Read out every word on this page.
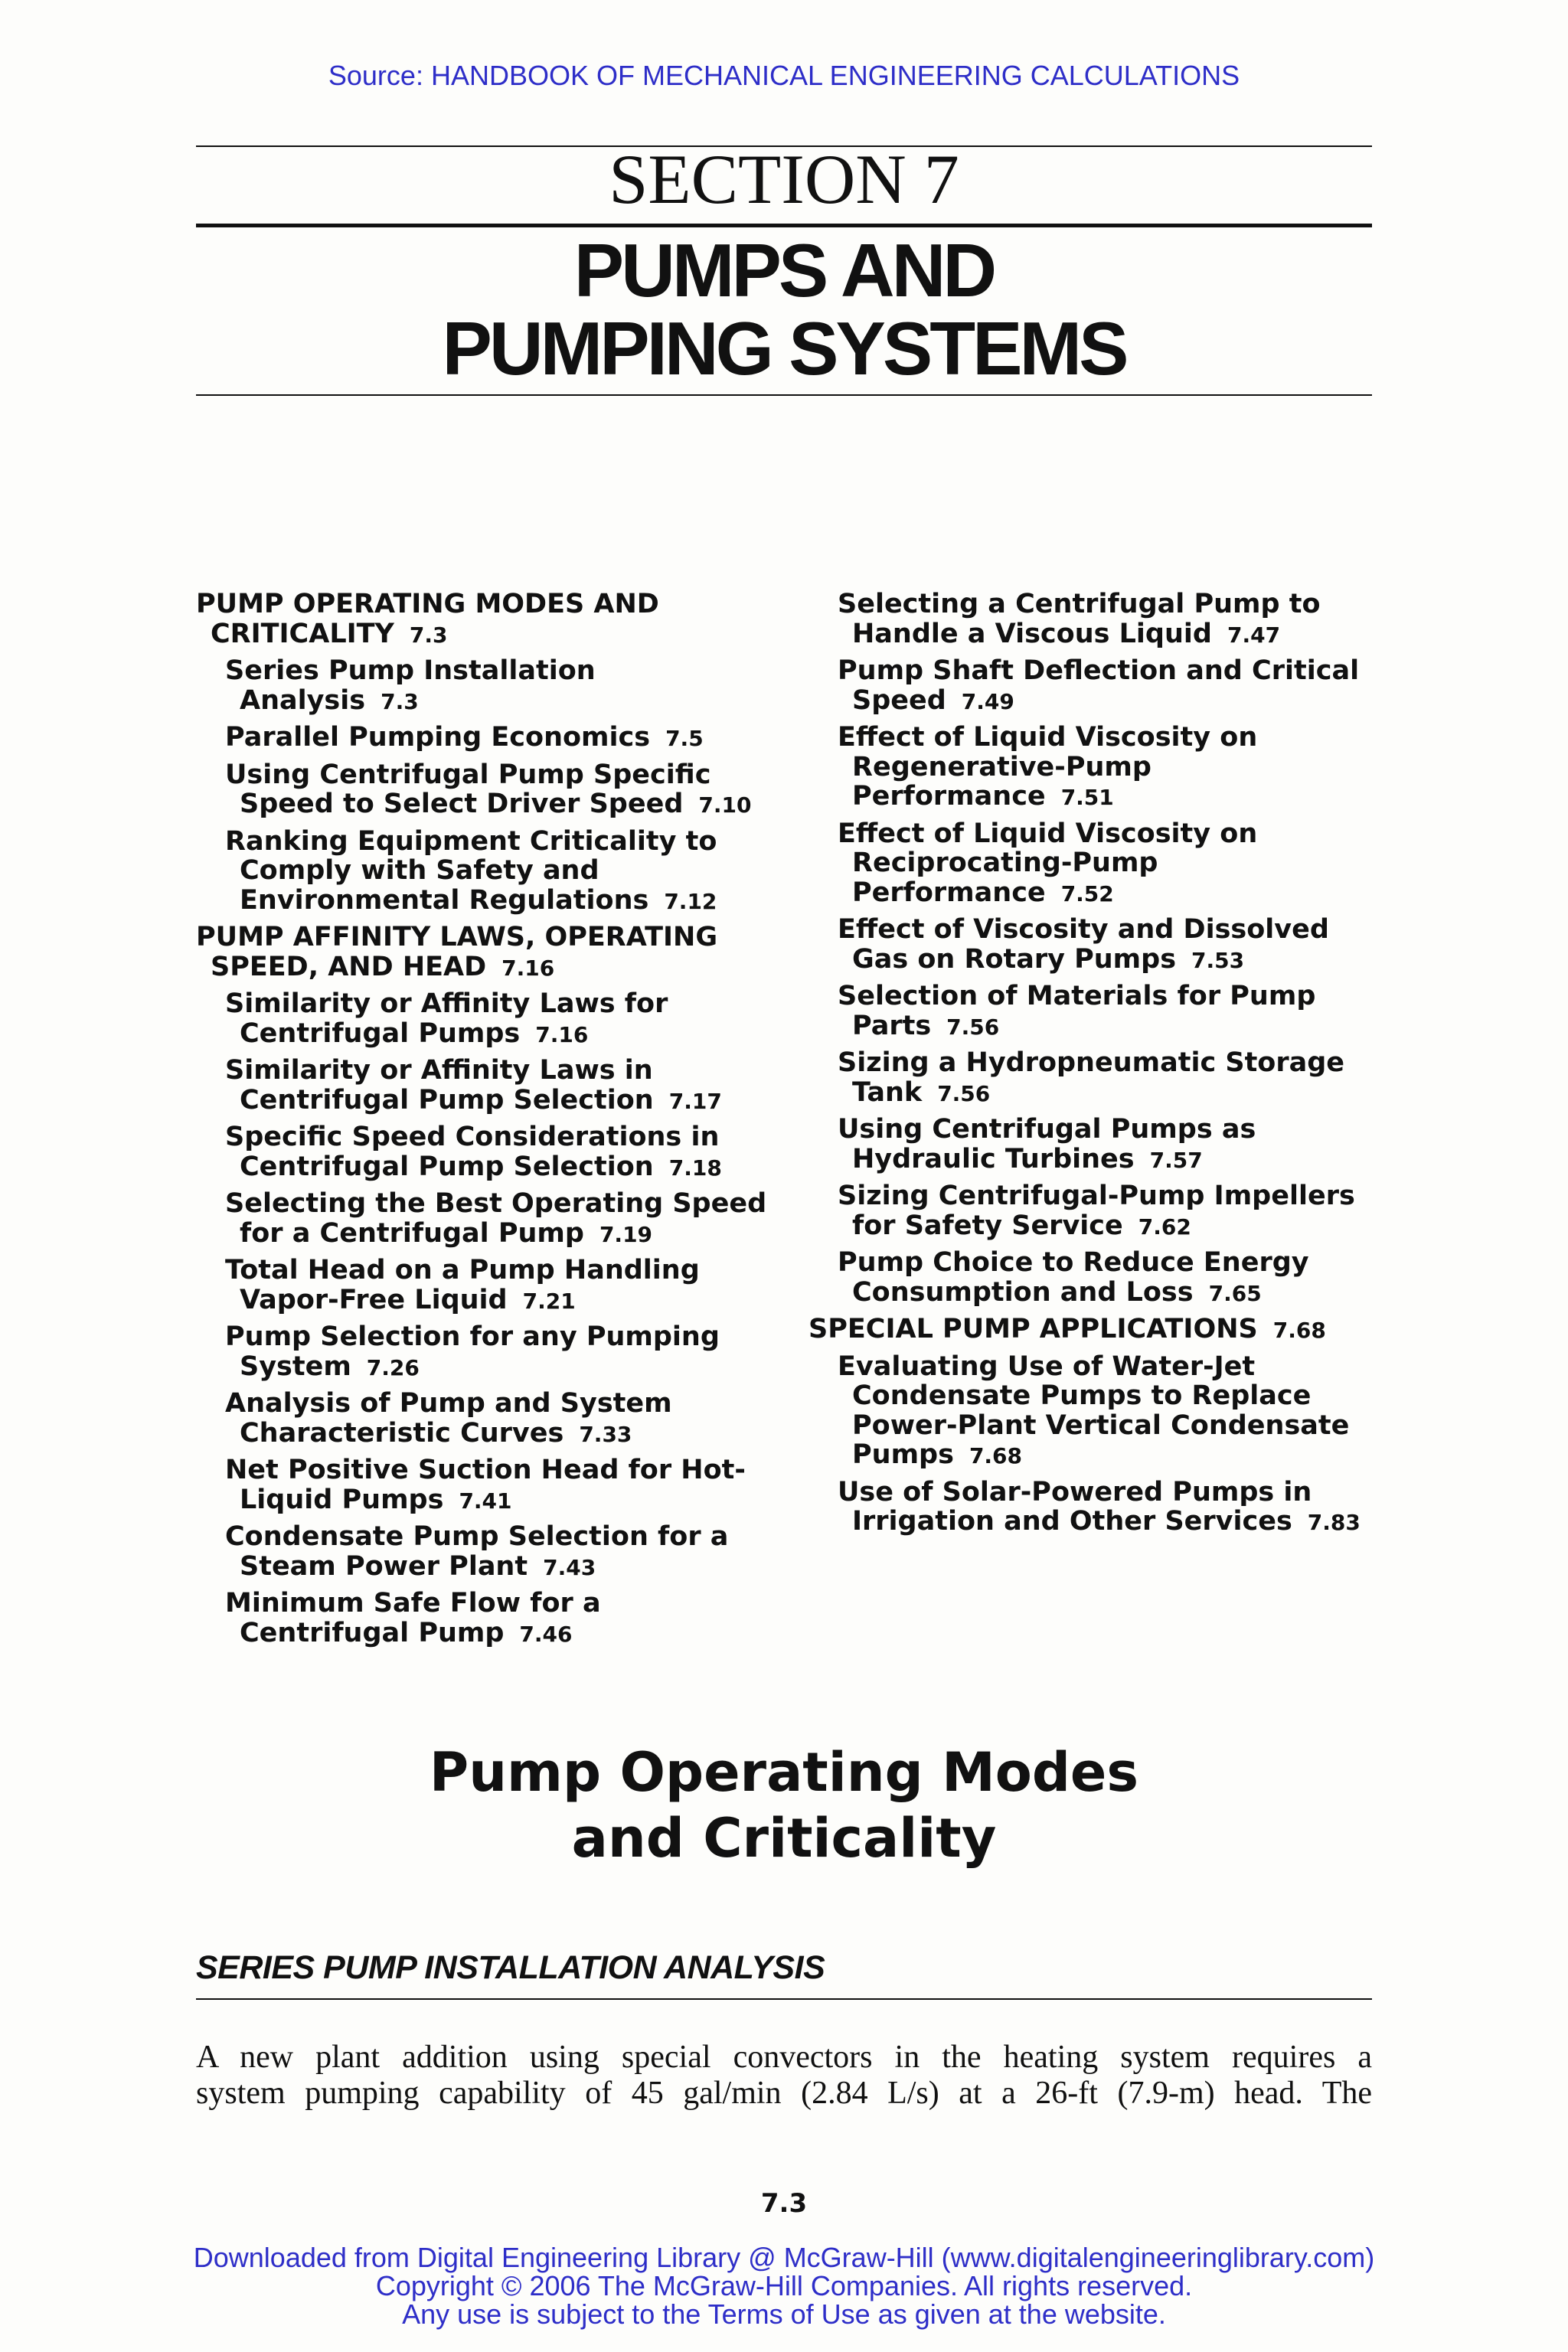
Source: HANDBOOK OF MECHANICAL ENGINEERING CALCULATIONS
SECTION 7
PUMPS AND
PUMPING SYSTEMS
PUMP OPERATING MODES AND CRITICALITY 7.3
Series Pump Installation Analysis 7.3
Parallel Pumping Economics 7.5
Using Centrifugal Pump Specific Speed to Select Driver Speed 7.10
Ranking Equipment Criticality to Comply with Safety and Environmental Regulations 7.12
PUMP AFFINITY LAWS, OPERATING SPEED, AND HEAD 7.16
Similarity or Affinity Laws for Centrifugal Pumps 7.16
Similarity or Affinity Laws in Centrifugal Pump Selection 7.17
Specific Speed Considerations in Centrifugal Pump Selection 7.18
Selecting the Best Operating Speed for a Centrifugal Pump 7.19
Total Head on a Pump Handling Vapor-Free Liquid 7.21
Pump Selection for any Pumping System 7.26
Analysis of Pump and System Characteristic Curves 7.33
Net Positive Suction Head for Hot-Liquid Pumps 7.41
Condensate Pump Selection for a Steam Power Plant 7.43
Minimum Safe Flow for a Centrifugal Pump 7.46
Selecting a Centrifugal Pump to Handle a Viscous Liquid 7.47
Pump Shaft Deflection and Critical Speed 7.49
Effect of Liquid Viscosity on Regenerative-Pump Performance 7.51
Effect of Liquid Viscosity on Reciprocating-Pump Performance 7.52
Effect of Viscosity and Dissolved Gas on Rotary Pumps 7.53
Selection of Materials for Pump Parts 7.56
Sizing a Hydropneumatic Storage Tank 7.56
Using Centrifugal Pumps as Hydraulic Turbines 7.57
Sizing Centrifugal-Pump Impellers for Safety Service 7.62
Pump Choice to Reduce Energy Consumption and Loss 7.65
SPECIAL PUMP APPLICATIONS 7.68
Evaluating Use of Water-Jet Condensate Pumps to Replace Power-Plant Vertical Condensate Pumps 7.68
Use of Solar-Powered Pumps in Irrigation and Other Services 7.83
Pump Operating Modes
and Criticality
SERIES PUMP INSTALLATION ANALYSIS
A new plant addition using special convectors in the heating system requires a
system pumping capability of 45 gal/min (2.84 L/s) at a 26-ft (7.9-m) head. The
7.3
Downloaded from Digital Engineering Library @ McGraw-Hill (www.digitalengineeringlibrary.com)
Copyright © 2006 The McGraw-Hill Companies. All rights reserved.
Any use is subject to the Terms of Use as given at the website.
